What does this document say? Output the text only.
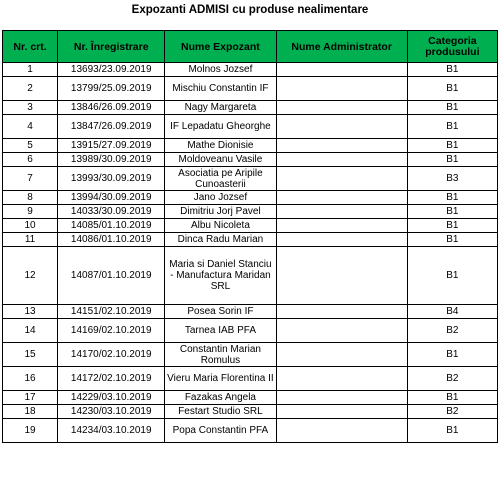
Expozanti ADMISI cu produse nealimentare
Nr. crt.	Nr. Înregistrare	Nume Expozant	Nume Administrator	Categoria produsului
1	13693/23.09.2019	Molnos Jozsef		B1
2	13799/25.09.2019	Mischiu Constantin IF		B1
3	13846/26.09.2019	Nagy Margareta		B1
4	13847/26.09.2019	IF Lepadatu Gheorghe		B1
5	13915/27.09.2019	Mathe Dionisie		B1
6	13989/30.09.2019	Moldoveanu Vasile		B1
7	13993/30.09.2019	Asociatia pe Aripile Cunoasterii		B3
8	13994/30.09.2019	Jano Jozsef		B1
9	14033/30.09.2019	Dimitriu Jorj Pavel		B1
10	14085/01.10.2019	Albu Nicoleta		B1
11	14086/01.10.2019	Dinca Radu Marian		B1
12	14087/01.10.2019	Maria si Daniel Stanciu - Manufactura Maridan SRL		B1
13	14151/02.10.2019	Posea Sorin IF		B4
14	14169/02.10.2019	Tarnea IAB PFA		B2
15	14170/02.10.2019	Constantin Marian Romulus		B1
16	14172/02.10.2019	Vieru Maria Florentina II		B2
17	14229/03.10.2019	Fazakas Angela		B1
18	14230/03.10.2019	Festart Studio SRL		B2
19	14234/03.10.2019	Popa Constantin PFA		B1
